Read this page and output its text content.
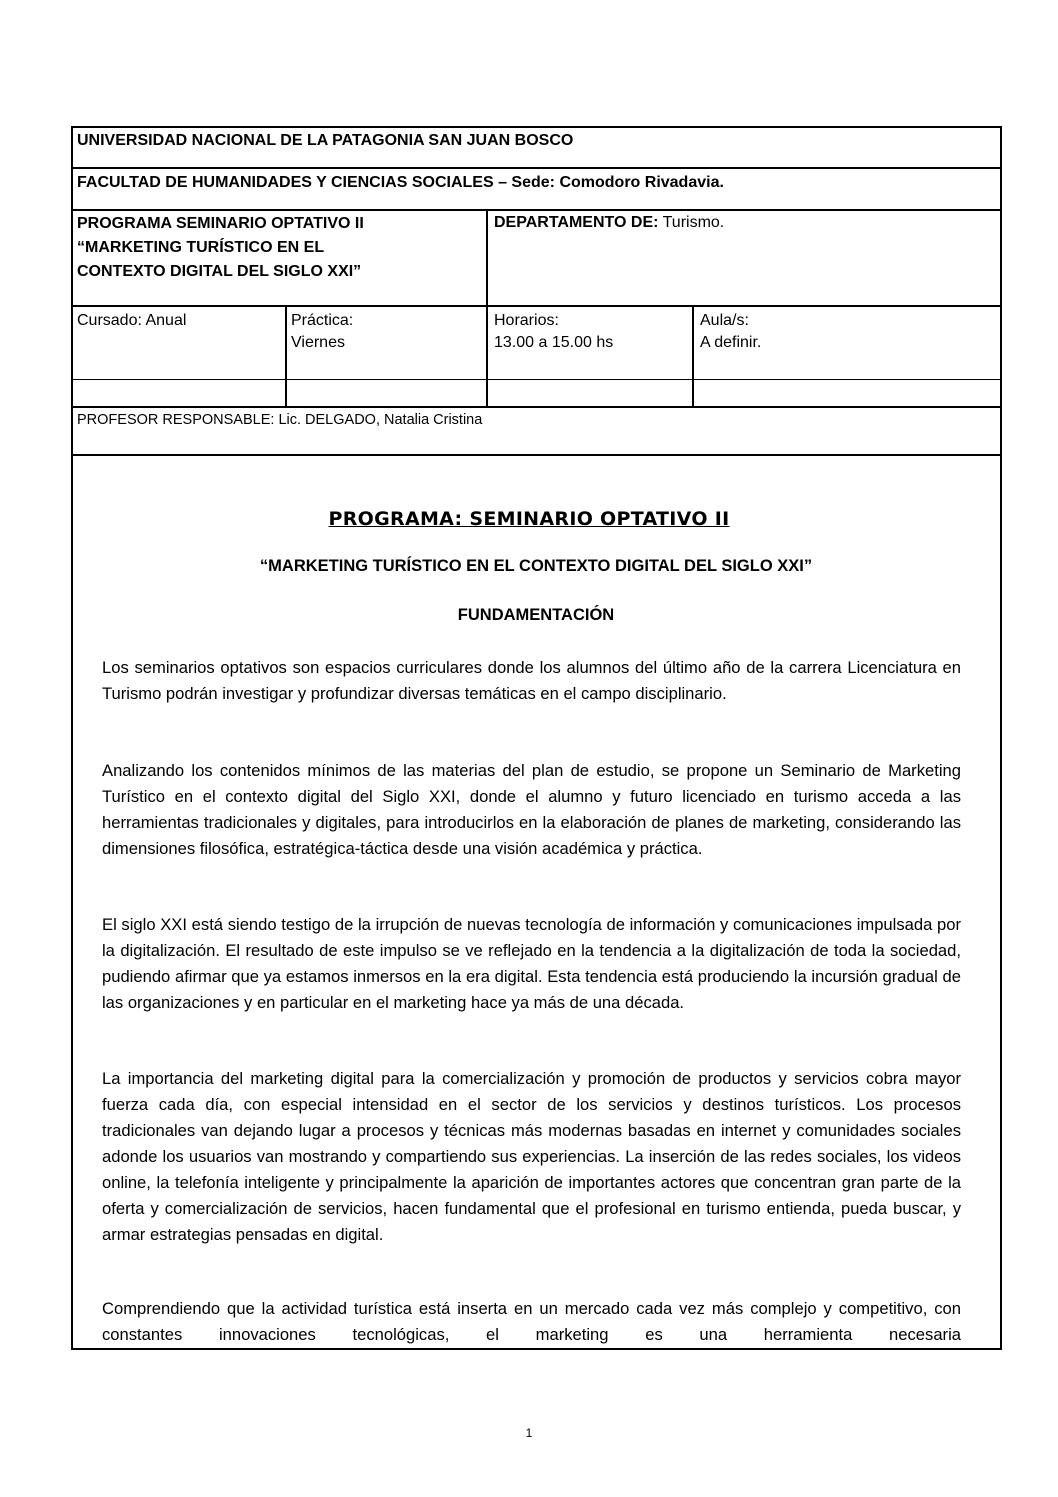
UNIVERSIDAD NACIONAL DE LA PATAGONIA SAN JUAN BOSCO
FACULTAD DE HUMANIDADES Y CIENCIAS SOCIALES – Sede: Comodoro Rivadavia.
PROGRAMA SEMINARIO OPTATIVO II
“MARKETING TURÍSTICO EN EL
CONTEXTO DIGITAL DEL SIGLO XXI”
DEPARTAMENTO DE: Turismo.
Cursado: Anual	Práctica:
Viernes
Horarios:
13.00 a 15.00 hs
Aula/s:
A definir.
PROFESOR RESPONSABLE: Lic. DELGADO, Natalia Cristina
PROGRAMA: SEMINARIO OPTATIVO II
“MARKETING TURÍSTICO EN EL CONTEXTO DIGITAL DEL SIGLO XXI”
FUNDAMENTACIÓN
Los seminarios optativos son espacios curriculares donde los alumnos del último año de la carrera Licenciatura en Turismo podrán investigar y profundizar diversas temáticas en el campo disciplinario.
Analizando los contenidos mínimos de las materias del plan de estudio, se propone un Seminario de Marketing Turístico en el contexto digital del Siglo XXI, donde el alumno y futuro licenciado en turismo acceda a las herramientas tradicionales y digitales, para introducirlos en la elaboración de planes de marketing, considerando las dimensiones filosófica, estratégica-táctica desde una visión académica y práctica.
El siglo XXI está siendo testigo de la irrupción de nuevas tecnología de información y comunicaciones impulsada por la digitalización. El resultado de este impulso se ve reflejado en la tendencia a la digitalización de toda la sociedad, pudiendo afirmar que ya estamos inmersos en la era digital. Esta tendencia está produciendo la incursión gradual de las organizaciones y en particular en el marketing hace ya más de una década.
La importancia del marketing digital para la comercialización y promoción de productos y servicios cobra mayor fuerza cada día, con especial intensidad en el sector de los servicios y destinos turísticos. Los procesos tradicionales van dejando lugar a procesos y técnicas más modernas basadas en internet y comunidades sociales adonde los usuarios van mostrando y compartiendo sus experiencias. La inserción de las redes sociales, los videos online, la telefonía inteligente y principalmente la aparición de importantes actores que concentran gran parte de la oferta y comercialización de servicios, hacen fundamental que el profesional en turismo entienda, pueda buscar, y armar estrategias pensadas en digital.
Comprendiendo que la actividad turística está inserta en un mercado cada vez más complejo y competitivo, con constantes innovaciones tecnológicas, el marketing es una herramienta necesaria
1
